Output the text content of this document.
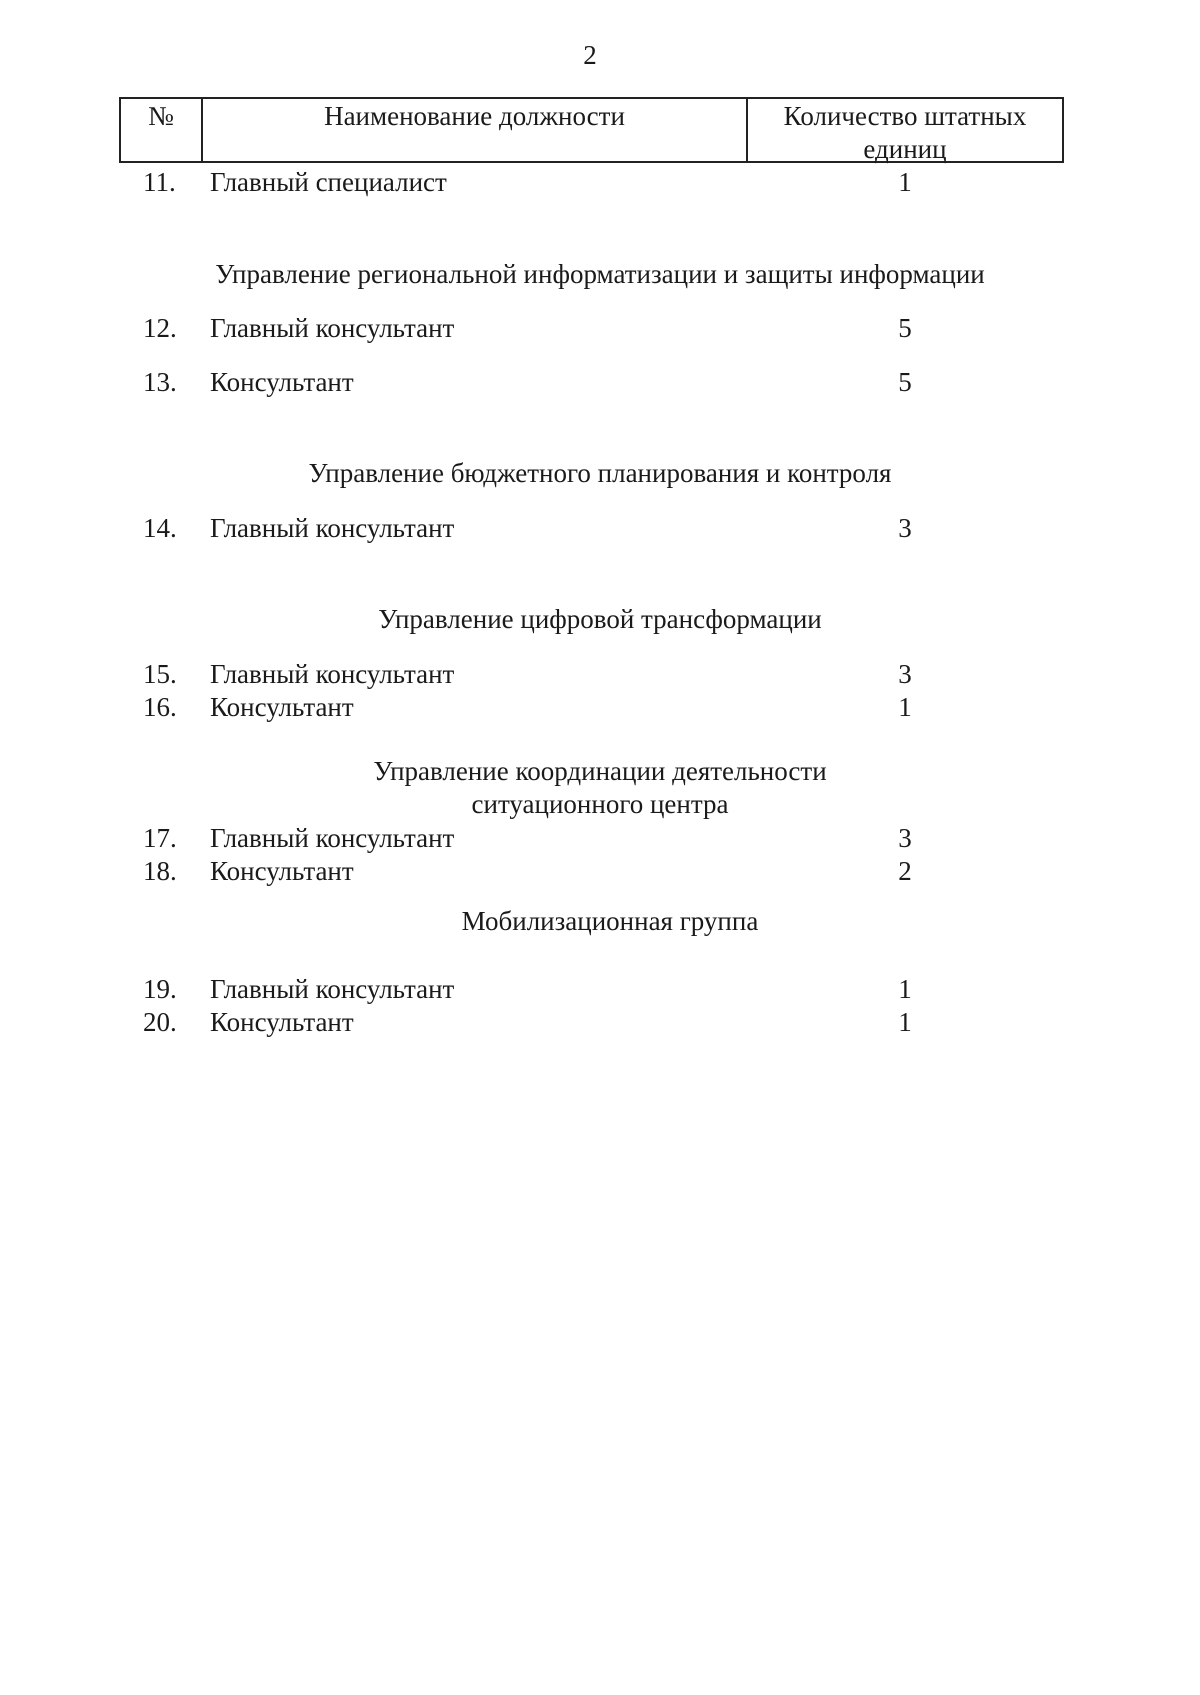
2
№	Наименование должности	Количество штатных
единиц
11. Главный специалист	1
Управление региональной информатизации и защиты информации
12. Главный консультант	5
13. Консультант	5
Управление бюджетного планирования и контроля
14. Главный консультант	3
Управление цифровой трансформации
15. Главный консультант	3
16. Консультант	1
Управление координации деятельности
ситуационного центра
17. Главный консультант	3
18. Консультант	2
Мобилизационная группа
19. Главный консультант	1
20. Консультант	1
